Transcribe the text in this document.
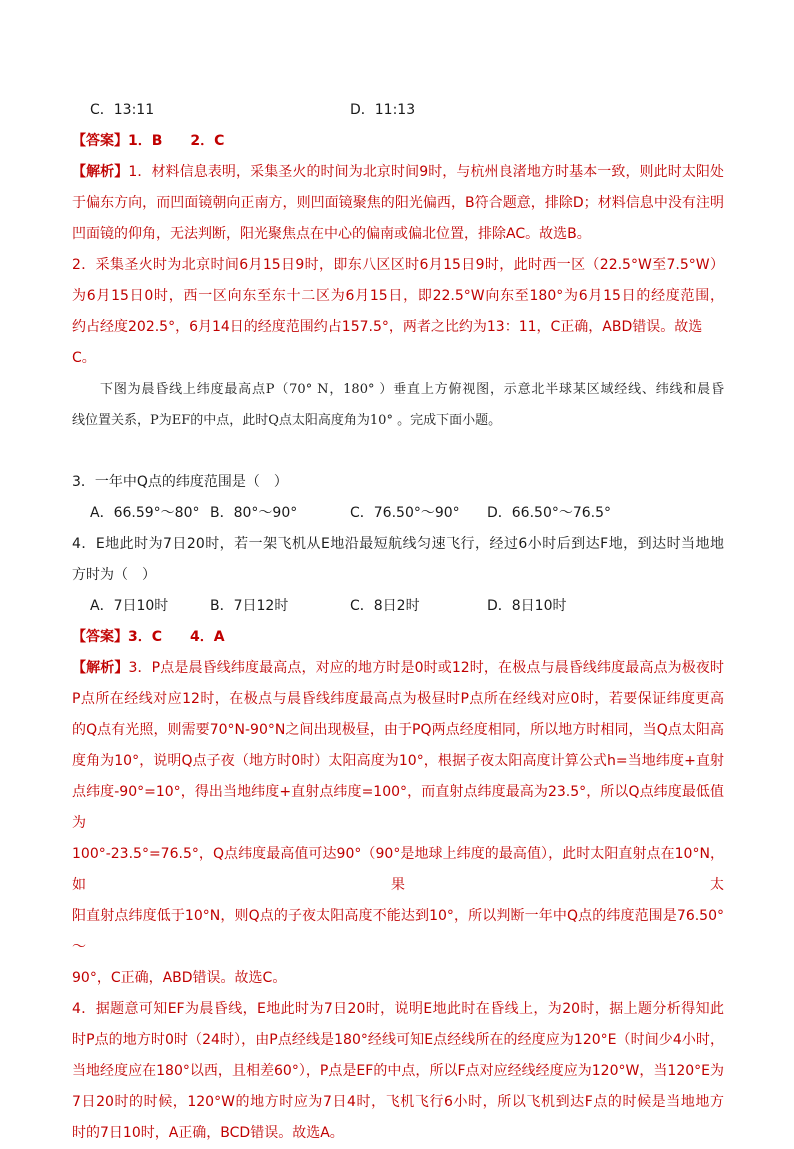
C．13:11	D．11:13
【答案】1．B　　2．C
【解析】1．材料信息表明，采集圣火的时间为北京时间9时，与杭州良渚地方时基本一致，则此时太阳处
于偏东方向，而凹面镜朝向正南方，则凹面镜聚焦的阳光偏西，B符合题意，排除D；材料信息中没有注明
凹面镜的仰角，无法判断，阳光聚焦点在中心的偏南或偏北位置，排除AC。故选B。
2．采集圣火时为北京时间6月15日9时，即东八区区时6月15日9时，此时西一区（22.5°W至7.5°W）
为6月15日0时，西一区向东至东十二区为6月15日，即22.5°W向东至180°为6月15日的经度范围，
约占经度202.5°，6月14日的经度范围约占157.5°，两者之比约为13：11，C正确，ABD错误。故选C。
下图为晨昏线上纬度最高点P（70° N，180° ）垂直上方俯视图，示意北半球某区域经线、纬线和晨昏
线位置关系，P为EF的中点，此时Q点太阳高度角为10° 。完成下面小题。
3．一年中Q点的纬度范围是（　）
A．66.59°～80° B．80°～90°	C．76.50°～90°	D．66.50°～76.5°
4．E地此时为7日20时，若一架飞机从E地沿最短航线匀速飞行，经过6小时后到达F地，到达时当地地
方时为（　）
A．7日10时	B．7日12时	C．8日2时	D．8日10时
【答案】3．C　　4．A
【解析】3．P点是晨昏线纬度最高点，对应的地方时是0时或12时，在极点与晨昏线纬度最高点为极夜时
P点所在经线对应12时，在极点与晨昏线纬度最高点为极昼时P点所在经线对应0时，若要保证纬度更高
的Q点有光照，则需要70°N-90°N之间出现极昼，由于PQ两点经度相同，所以地方时相同，当Q点太阳高
度角为10°，说明Q点子夜（地方时0时）太阳高度为10°，根据子夜太阳高度计算公式h=当地纬度+直射
点纬度-90°=10°，得出当地纬度+直射点纬度=100°，而直射点纬度最高为23.5°，所以Q点纬度最低值为
100°-23.5°=76.5°，Q点纬度最高值可达90°（90°是地球上纬度的最高值），此时太阳直射点在10°N，如果太
阳直射点纬度低于10°N，则Q点的子夜太阳高度不能达到10°，所以判断一年中Q点的纬度范围是76.50°～
90°，C正确，ABD错误。故选C。
4．据题意可知EF为晨昏线，E地此时为7日20时，说明E地此时在昏线上，为20时，据上题分析得知此
时P点的地方时0时（24时），由P点经线是180°经线可知E点经线所在的经度应为120°E（时间少4小时，
当地经度应在180°以西，且相差60°），P点是EF的中点，所以F点对应经线经度应为120°W，当120°E为
7日20时的时候，120°W的地方时应为7日4时，飞机飞行6小时，所以飞机到达F点的时候是当地地方
时的7日10时，A正确，BCD错误。故选A。
